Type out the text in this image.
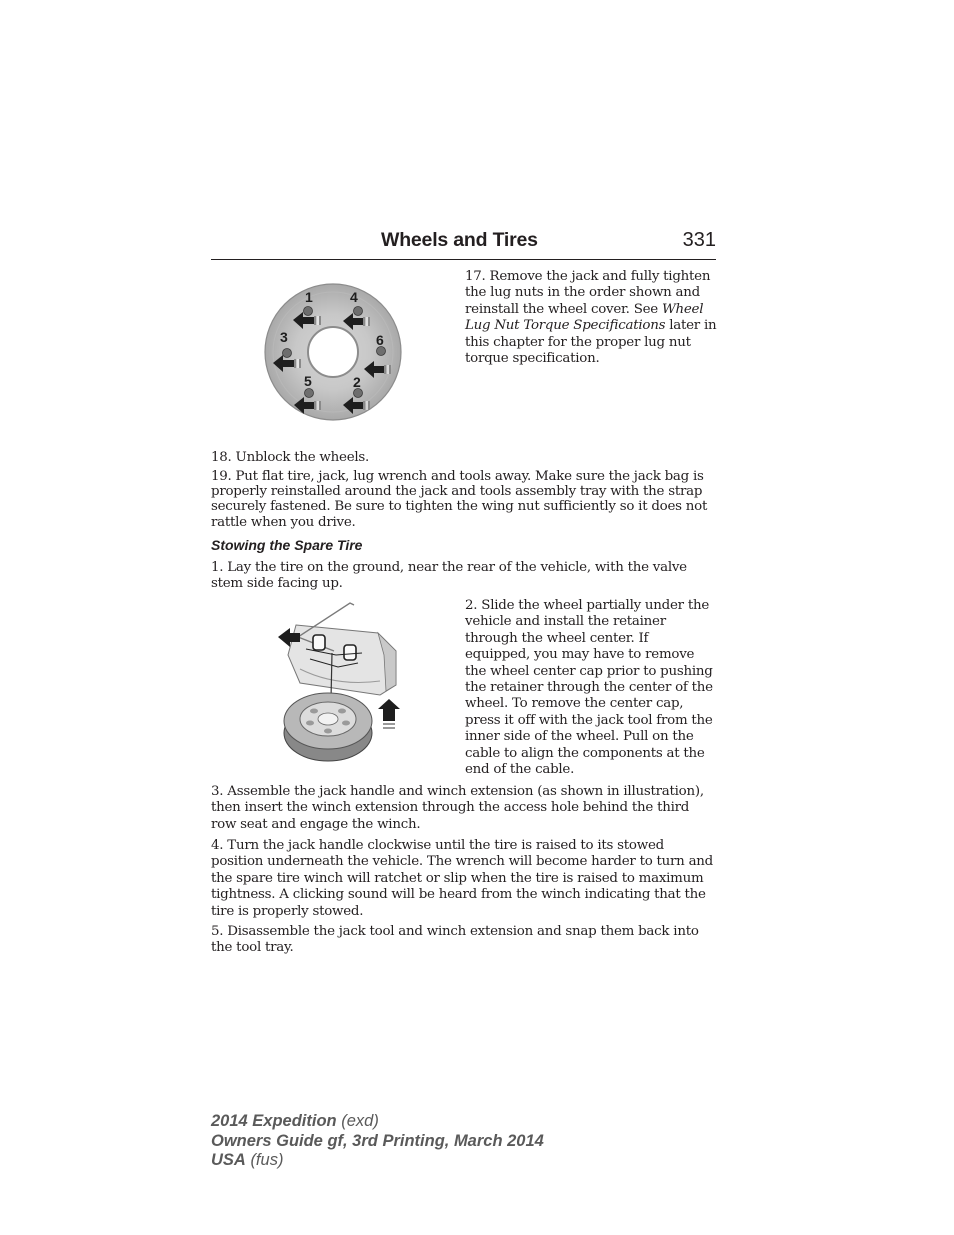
Wheels and Tires	331
1	4
3	6
5	2

17. Remove the jack and fully tighten the lug nuts in the order shown and reinstall the wheel cover. See Wheel Lug Nut Torque Specifications later in this chapter for the proper lug nut torque specification.

18. Unblock the wheels.

19. Put flat tire, jack, lug wrench and tools away. Make sure the jack bag is properly reinstalled around the jack and tools assembly tray with the strap securely fastened. Be sure to tighten the wing nut sufficiently so it does not rattle when you drive.

Stowing the Spare Tire

1. Lay the tire on the ground, near the rear of the vehicle, with the valve stem side facing up.

2. Slide the wheel partially under the vehicle and install the retainer through the wheel center. If equipped, you may have to remove the wheel center cap prior to pushing the retainer through the center of the wheel. To remove the center cap, press it off with the jack tool from the inner side of the wheel. Pull on the cable to align the components at the end of the cable.

3. Assemble the jack handle and winch extension (as shown in illustration), then insert the winch extension through the access hole behind the third row seat and engage the winch.

4. Turn the jack handle clockwise until the tire is raised to its stowed position underneath the vehicle. The wrench will become harder to turn and the spare tire winch will ratchet or slip when the tire is raised to maximum tightness. A clicking sound will be heard from the winch indicating that the tire is properly stowed.

5. Disassemble the jack tool and winch extension and snap them back into the tool tray.

2014 Expedition (exd)
Owners Guide gf, 3rd Printing, March 2014
USA (fus)
